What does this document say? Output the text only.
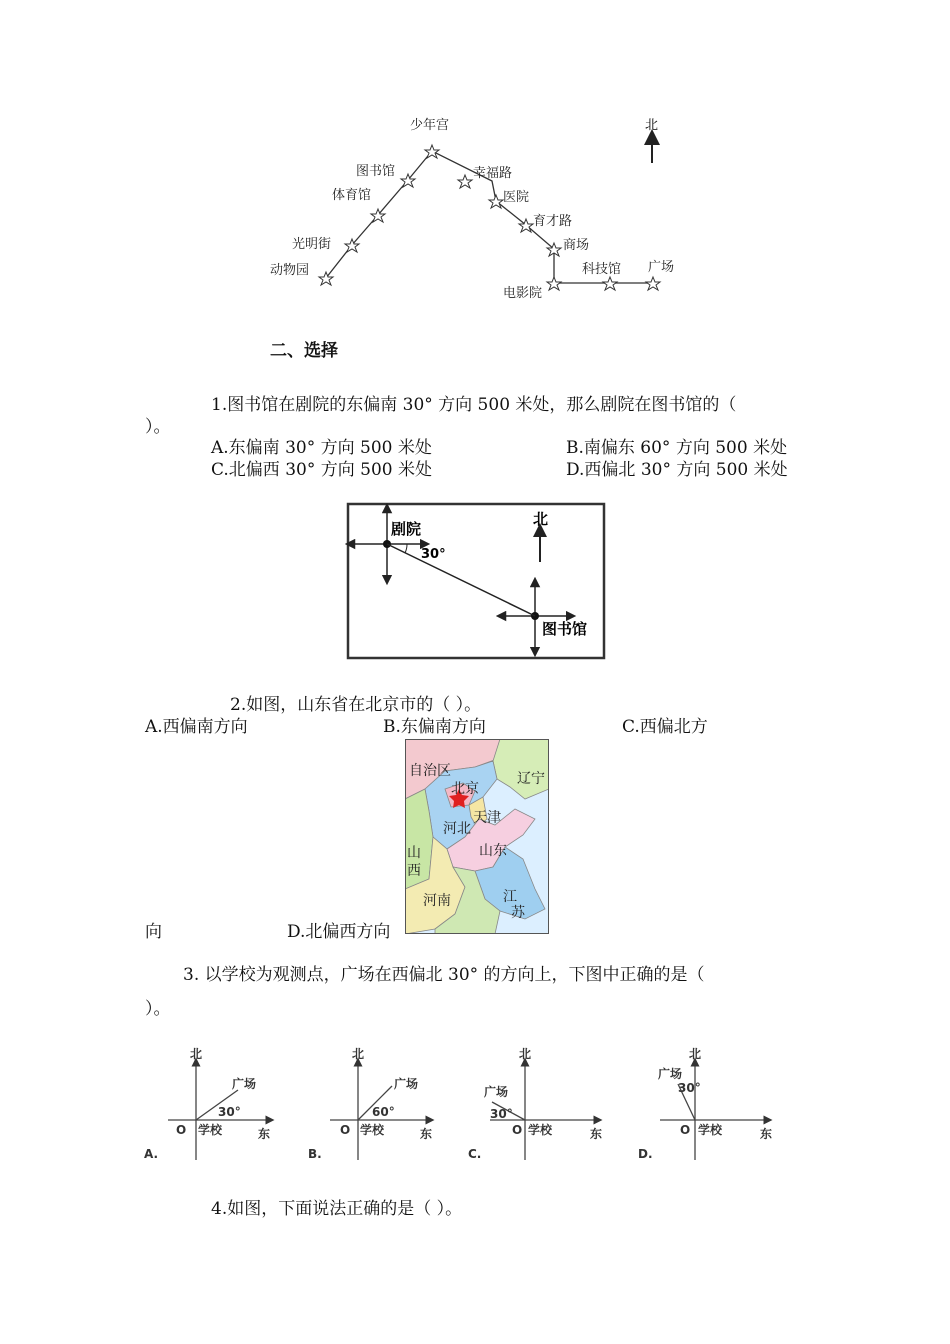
北
少年宫
图书馆
体育馆
光明街
动物园
幸福路
医院
育才路
商场
电影院
科技馆 广场
二、选择
1.图书馆在剧院的东偏南 30° 方向 500 米处，那么剧院在图书馆的（
）。
A.东偏南 30° 方向 500 米处	B.南偏东 60° 方向 500 米处
C.北偏西 30° 方向 500 米处	D.西偏北 30° 方向 500 米处
北
剧院
30°
图书馆
2.如图，山东省在北京市的（ ）。
A.西偏南方向	B.东偏南方向	C.西偏北方
向	D.北偏西方向
自治区
北京
辽宁
天津
河北
山东
山
西
河南	江
苏
3. 以学校为观测点，广场在西偏北 30° 的方向上，下图中正确的是（
）。
北
广场
30°
O 学校	东
A.
北
广场
60°
O 学校	东
B.
北
广场
30°
O 学校	东
C.
北
广场
30°
O 学校	东
D.
4.如图，下面说法正确的是（ ）。
